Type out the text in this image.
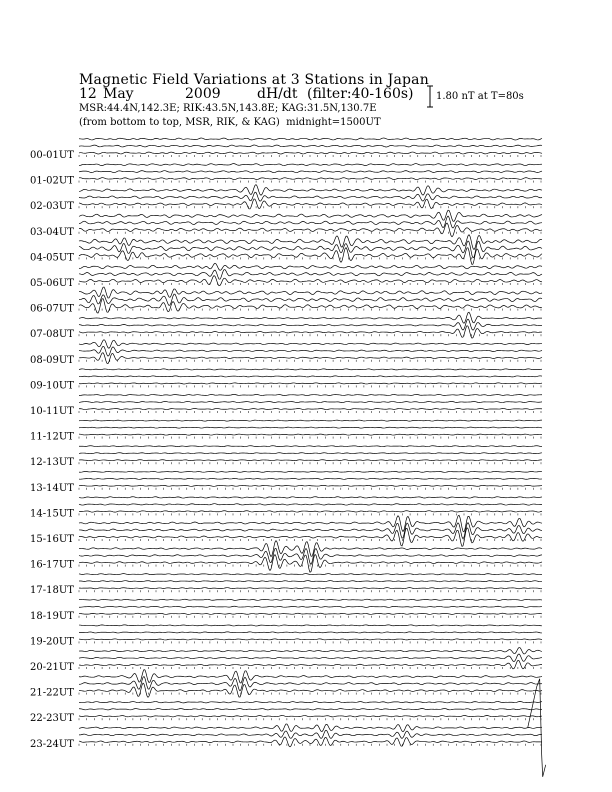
Magnetic Field Variations at 3 Stations in Japan
12 May	2009	dH/dt (filter:40-160s)
MSR:44.4N,142.3E; RIK:43.5N,143.8E; KAG:31.5N,130.7E
(from bottom to top, MSR, RIK, & KAG) midnight=1500UT
1.80 nT at T=80s
00-01UT
01-02UT
02-03UT
03-04UT
04-05UT
05-06UT
06-07UT
07-08UT
08-09UT
09-10UT
10-11UT
11-12UT
12-13UT
13-14UT
14-15UT
15-16UT
16-17UT
17-18UT
18-19UT
19-20UT
20-21UT
21-22UT
22-23UT
23-24UT
